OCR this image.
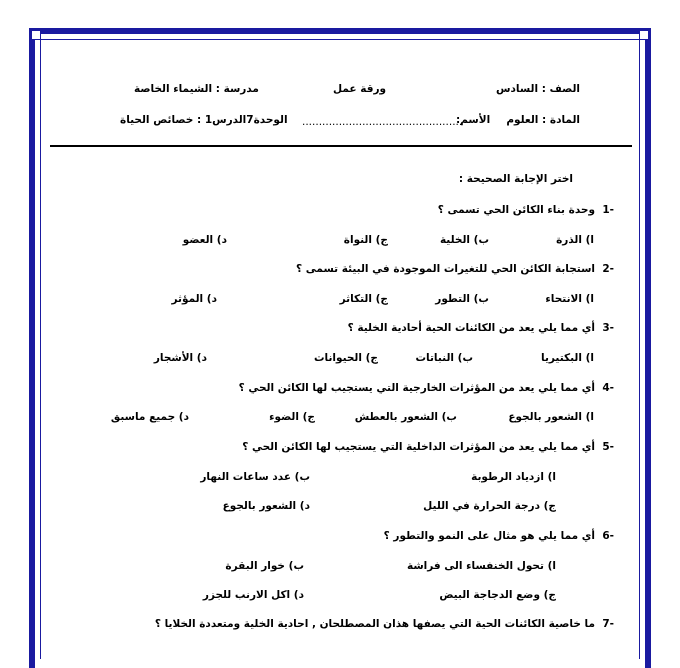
الصف : السادس
ورقة عمل
مدرسة : الشيماء الخاصة
المادة : العلوم
الأسم:
................................................
الوحدة7الدرس1 : خصائص الحياة
اختر الإجابة الصحيحة :
-1
وحدة بناء الكائن الحي تسمى ؟
ا) الذرة
ب) الخلية
ج) النواة
د) العضو
-2
استجابة الكائن الحي للتغيرات الموجودة في البيئة تسمى ؟
ا) الانتحاء
ب) التطور
ج) التكاثر
د) المؤثر
-3
أي مما يلي يعد من الكائنات الحية أحادية الخلية ؟
ا) البكتيريا
ب) النباتات
ج) الحيوانات
د) الأشجار
-4
أي مما يلي يعد من المؤثرات الخارجية التي يستجيب لها الكائن الحي ؟
ا) الشعور بالجوع
ب) الشعور بالعطش
ج) الضوء
د) جميع ماسبق
-5
أي مما يلي يعد من المؤثرات الداخلية التي يستجيب لها الكائن الحي ؟
ا) ازدياد الرطوبة
ب) عدد ساعات النهار
ج) درجة الحرارة في الليل
د) الشعور بالجوع
-6
أي مما يلي هو مثال على النمو والتطور ؟
ا) تحول الخنفساء الى فراشة
ب) خوار البقرة
ج) وضع الدجاجة البيض
د) اكل الارنب للجزر
-7
ما خاصية الكائنات الحية التي يصفها هذان المصطلحان , احادية الخلية ومتعددة الخلايا ؟
